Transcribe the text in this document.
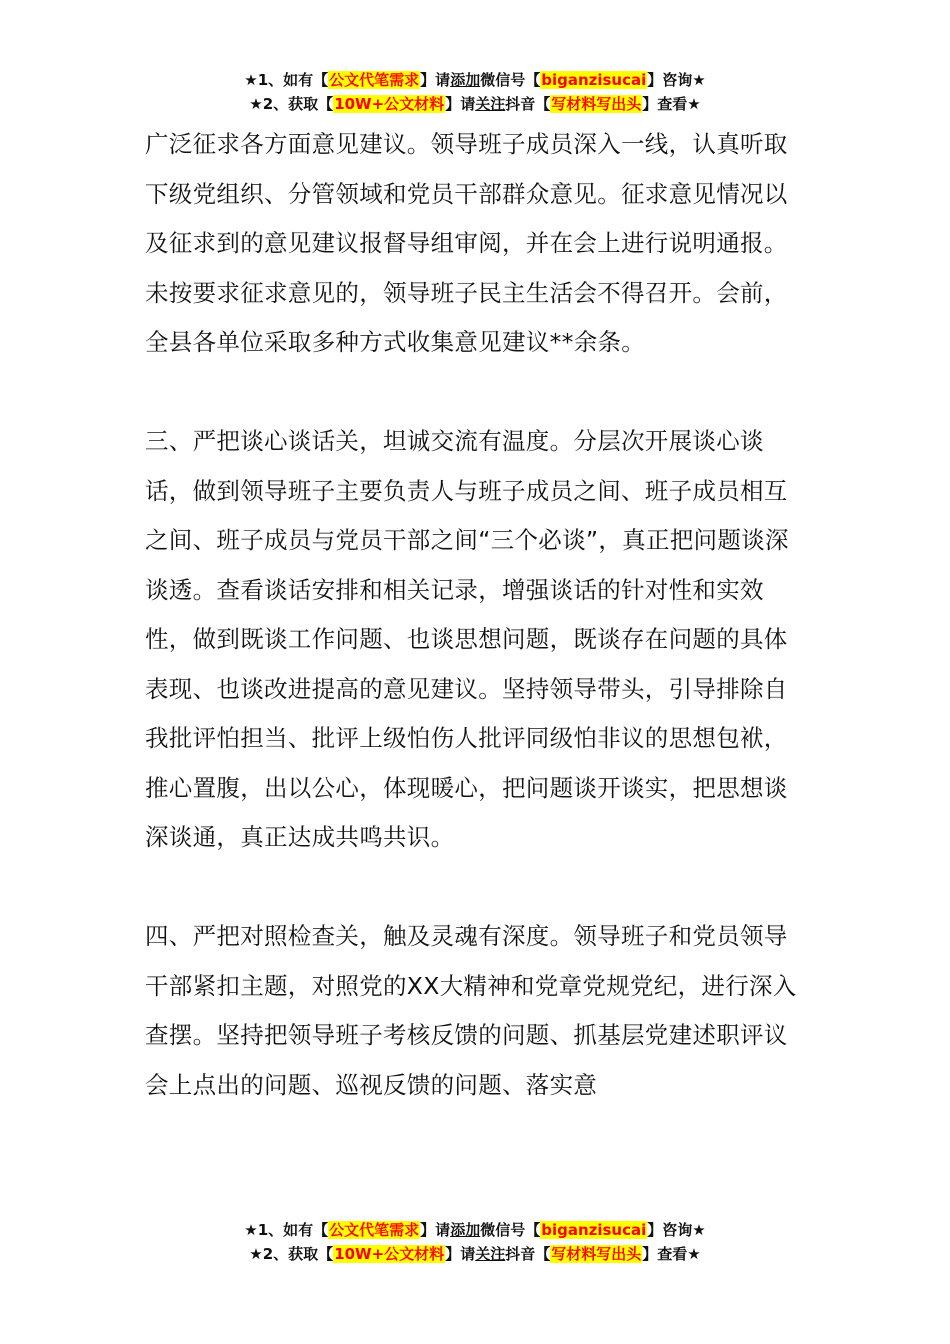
★1、如有【公文代笔需求】请添加微信号【biganzisucai】咨询★
★2、获取【10W+公文材料】请关注抖音【写材料写出头】查看★

广泛征求各方面意见建议。领导班子成员深入一线，认真听取下级党组织、分管领域和党员干部群众意见。征求意见情况以及征求到的意见建议报督导组审阅，并在会上进行说明通报。未按要求征求意见的，领导班子民主生活会不得召开。会前，全县各单位采取多种方式收集意见建议**余条。

三、严把谈心谈话关，坦诚交流有温度。分层次开展谈心谈话，做到领导班子主要负责人与班子成员之间、班子成员相互之间、班子成员与党员干部之间“三个必谈”，真正把问题谈深谈透。查看谈话安排和相关记录，增强谈话的针对性和实效性，做到既谈工作问题、也谈思想问题，既谈存在问题的具体表现、也谈改进提高的意见建议。坚持领导带头，引导排除自我批评怕担当、批评上级怕伤人批评同级怕非议的思想包袱，推心置腹，出以公心，体现暖心，把问题谈开谈实，把思想谈深谈通，真正达成共鸣共识。

四、严把对照检查关，触及灵魂有深度。领导班子和党员领导干部紧扣主题，对照党的XX大精神和党章党规党纪，进行深入查摆。坚持把领导班子考核反馈的问题、抓基层党建述职评议会上点出的问题、巡视反馈的问题、落实意

★1、如有【公文代笔需求】请添加微信号【biganzisucai】咨询★
★2、获取【10W+公文材料】请关注抖音【写材料写出头】查看★
